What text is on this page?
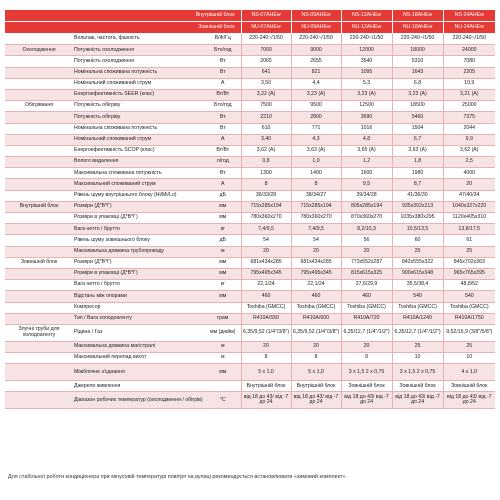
Внутрішній блок			NS-07AHEw	NS-09AHEw	NS-12AHEw	NS-18AHEw	NS-24AHEw
Зовнішній блок			NU-07AHEw	NU-09AHEw	NU-12AHEw	NU-18AHEw	NU-24AHEw
	Вольтаж, частота, фазність	В/Ф/Гц	220-240~/1/50	220-240~/1/50	220-240~/1/50	220-240~/1/50	220-240~/1/50
Охолодження	Потужність охолодження	Бто/год	7000	9000	12000	18000	24000
	Потужність охолодження	Вт	2065	2655	3540	5310	7080
	Номінальна споживана потужність	Вт	641	821	1095	1643	2205
	Номінальний споживаний струм	А	3,50	4,4	5,3	6,8	10,9
	Енергоефективність SEER (клас)	Вт/Вт	3,22 (А)	3,23 (А)	3,23 (А)	3,23 (А)	3,21 (А)
Обігрівання	Потужність обігріву	Бто/год	7500	9500	12500	18500	25000
	Потужність обігріву	Вт	2210	2800	3690	5460	7375
	Номінальна споживана потужність	Вт	610	771	1016	1504	2044
	Номінальний споживаний струм	А	3,40	4,3	4,8	6,7	9,9
	Енергоефективність SCOP (клас)	Вт/Вт	3,62 (А)	3,63 (А)	3,65 (А)	3,63 (А)	3,62 (А)
	Волого видалення	л/год	0,8	1,0	1,2	1,8	2,5
	Максимальна споживана потужність	Вт	1300	1400	1600	1980	4000
	Максимальний споживаний струм	А	8	8	9,5	8,7	20
	Рівень шуму внутрішнього блоку (Hi/Mi/Lo)	дБ	36/33/28	38/34/27	39/34/28	41/36/30	47/40/34
Внутрішній блок	Розміри (Д*В*Г)	мм	715x285x194	715x285x194	805x285x194	935x302x213	1040x327x220
	Розміри в упаковці (Д*В*Г)	мм	780x360x270	780x360x270	870x360x270	1035x380x295	1120x405x310
	Вага нетто / брутто	кг	7,4/9,5	7,4/9,5	8,2/10,3	10,5/13,5	13,8/17,5
	Рівень шуму зовнішнього блоку	дБ	54	54	56	60	61
	Максимальна довжина трубопроводу	м	20	20	20	25	25
Зовнішній блок	Розміри (Д*В*Г)	мм	681x434x285	681x434x285	773x552x287	842x555x322	845x702x363
	Розміри в упаковці (Д*В*Г)	мм	795x495x345	795x495x345	815x615x325	900x615x348	965x765x395
	Вага нетто / брутто	кг	22,1/24	22,1/24	27,6/29,9	35,5/38,4	48,8/52
	Відстань між опорами	мм	460	460	460	540	540
	Компресор		Toshiba (GMCC)	Toshiba (GMCC)	Toshiba (GMCC)	Toshiba (GMCC)	Toshiba (GMCC)
	Тип / Вага холодоагенту	грам	R410A/550	R410A/600	R410A/720	R410A/1240	R410A/1750
Злучні труби для холодоагенту	Рідина / Газ	мм (дюйм)	6,35/9,52 (1/4"/3/8")	6,35/9,52 (1/4"/3/8")	6,35/12,7 (1/4"/1/2")	6,35/12,7 (1/4"/1/2")	9,52/15,9 (3/8"/5/8")
	Максимальна довжина магістралі	м	20	20	20	25	25
	Максимальний перепад висот	м	8	8	8	10	10
	Міжблочне з'єднання	мм	5 х 1,0	5 х 1,0	3 х 1,5 2 х 0,75	3 х 1,5 2 х 0,75	4 х 1,0
	Джерело живлення		Внутрішній блок	Внутрішній блок	Зовнішній блок	Зовнішній блок	Зовнішній блок
	Діапазон робочих температур (охолодження / обігрів)	°С	від 18 до 43/ від -7 до 24	від 18 до 43/ від -7 до 24	від 18 до 43/ від -7 до 24	від 18 до 43/ від -7 до 24	від 18 до 43/ від -7 до 24
Для стабільної роботи кондиціонера при мінусовій температурі повітря на вулиці рекомендується встановлювати «зимовий комплект».
